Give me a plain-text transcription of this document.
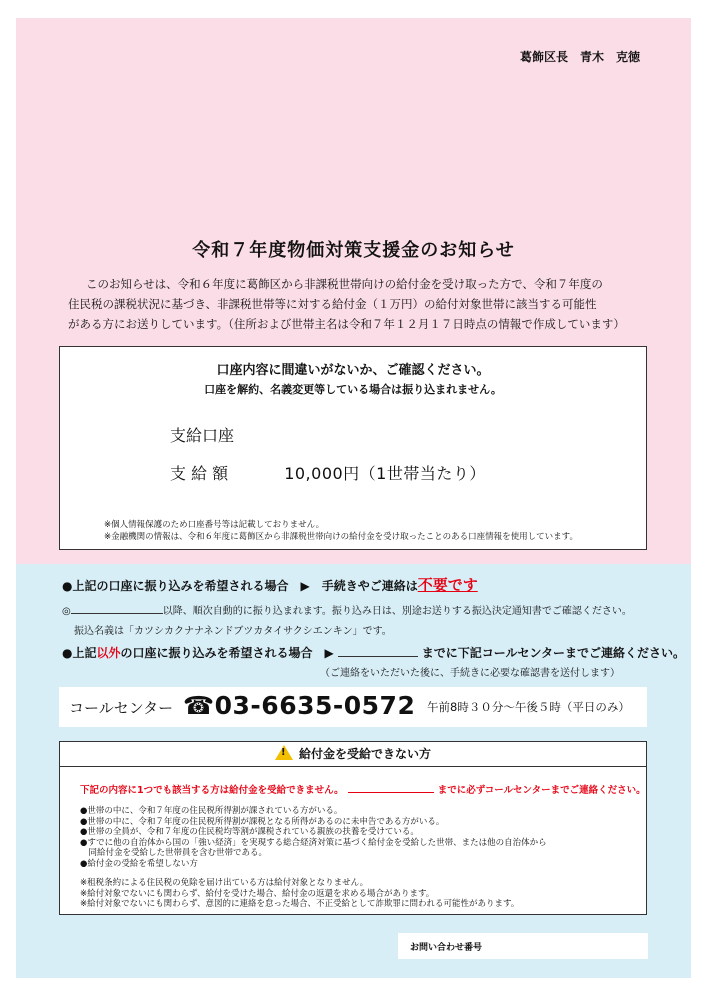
葛飾区長　青木　克徳
令和７年度物価対策支援金のお知らせ

このお知らせは、令和６年度に葛飾区から非課税世帯向けの給付金を受け取った方で、令和７年度の

住民税の課税状況に基づき、非課税世帯等に対する給付金（１万円）の給付対象世帯に該当する可能性
がある方にお送りしています。（住所および世帯主名は令和７年１２月１７日時点の情報で作成しています）
口座内容に間違いがないか、ご確認ください。
口座を解約、名義変更等している場合は振り込まれません。
支給口座
支 給 額	10,000円（1世帯当たり）
※個人情報保護のため口座番号等は記載しておりません。
※金融機関の情報は、令和６年度に葛飾区から非課税世帯向けの給付金を受け取ったことのある口座情報を使用しています。
●上記の口座に振り込みを希望される場合　▶　手続きやご連絡は不要です
◎	以降、順次自動的に振り込まれます。振り込み日は、別途お送りする振込決定通知書でご確認ください。
振込名義は「カツシカクナナネンドブツカタイサクシエンキン」です。
●上記以外の口座に振り込みを希望される場合　▶	までに下記コールセンターまでご連絡ください。
（ご連絡をいただいた後に、手続きに必要な確認書を送付します）
コールセンター ☎03-6635-0572 午前8時３０分～午後５時（平日のみ）
! 給付金を受給できない方
下記の内容に1つでも該当する方は給付金を受給できません。	までに必ずコールセンターまでご連絡ください。
●世帯の中に、令和７年度の住民税所得割が課されている方がいる。
●世帯の中に、令和７年度の住民税所得割が課税となる所得があるのに未申告である方がいる。
●世帯の全員が、令和７年度の住民税均等割が課税されている親族の扶養を受けている。
●すでに他の自治体から国の「強い経済」を実現する総合経済対策に基づく給付金を受給した世帯、または他の自治体から
　同給付金を受給した世帯員を含む世帯である。
●給付金の受給を希望しない方
※租税条約による住民税の免除を届け出ている方は給付対象となりません。
※給付対象でないにも関わらず、給付を受けた場合、給付金の返還を求める場合があります。
※給付対象でないにも関わらず、意図的に連絡を怠った場合、不正受給として詐欺罪に問われる可能性があります。
お問い合わせ番号
